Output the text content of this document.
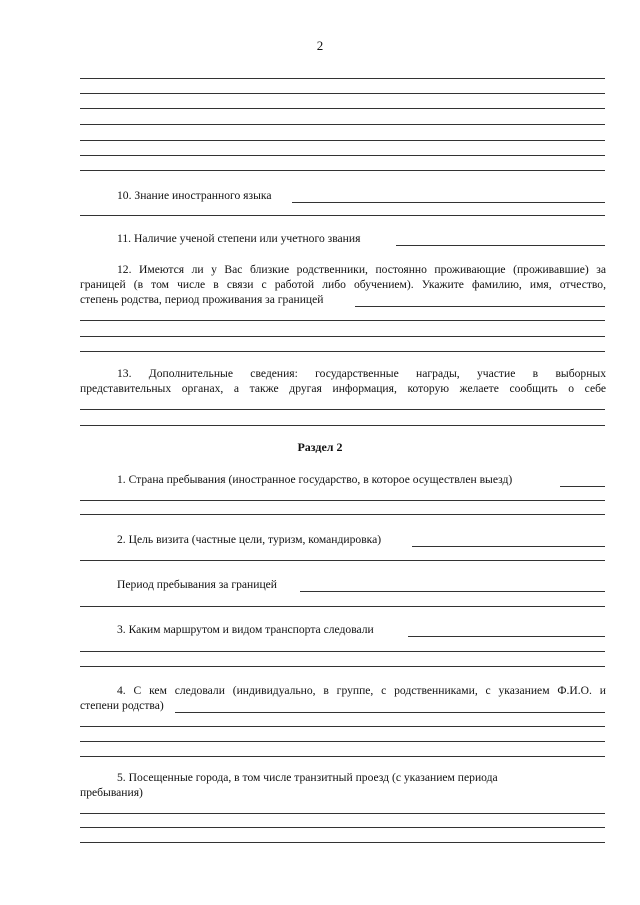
2
10. Знание иностранного языка
11. Наличие ученой степени или учетного звания
12. Имеются ли у Вас близкие родственники, постоянно проживающие (проживавшие) за
границей (в том числе в связи с работой либо обучением). Укажите фамилию, имя, отчество,
степень родства, период проживания за границей
13. Дополнительные сведения: государственные награды, участие в выборных
представительных органах, а также другая информация, которую желаете сообщить о себе
Раздел 2
1. Страна пребывания (иностранное государство, в которое осуществлен выезд)
2. Цель визита (частные цели, туризм, командировка)
Период пребывания за границей
3. Каким маршрутом и видом транспорта следовали
4. С кем следовали (индивидуально, в группе, с родственниками, с указанием Ф.И.О. и
степени родства)
5. Посещенные города, в том числе транзитный проезд (с указанием периода
пребывания)
